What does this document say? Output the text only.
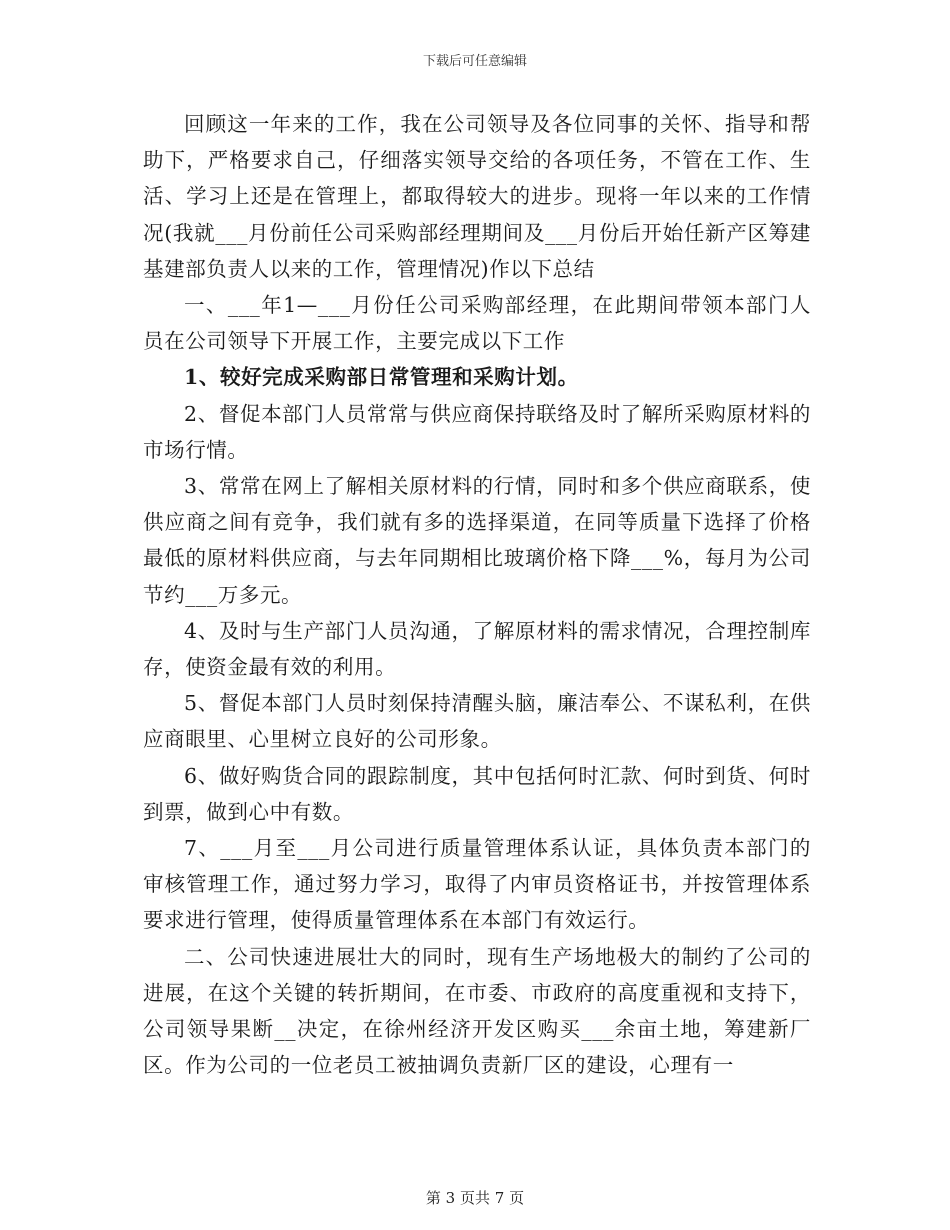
下载后可任意编辑

回顾这一年来的工作，我在公司领导及各位同事的关怀、指导和帮助下，严格要求自己，仔细落实领导交给的各项任务，不管在工作、生活、学习上还是在管理上，都取得较大的进步。现将一年以来的工作情况(我就___月份前任公司采购部经理期间及___月份后开始任新产区筹建基建部负责人以来的工作，管理情况)作以下总结

一、___年1—___月份任公司采购部经理，在此期间带领本部门人员在公司领导下开展工作，主要完成以下工作

1、较好完成采购部日常管理和采购计划。

2、督促本部门人员常常与供应商保持联络及时了解所采购原材料的市场行情。

3、常常在网上了解相关原材料的行情，同时和多个供应商联系，使供应商之间有竞争，我们就有多的选择渠道，在同等质量下选择了价格最低的原材料供应商，与去年同期相比玻璃价格下降___%，每月为公司节约___万多元。

4、及时与生产部门人员沟通，了解原材料的需求情况，合理控制库存，使资金最有效的利用。

5、督促本部门人员时刻保持清醒头脑，廉洁奉公、不谋私利，在供应商眼里、心里树立良好的公司形象。

6、做好购货合同的跟踪制度，其中包括何时汇款、何时到货、何时到票，做到心中有数。

7、___月至___月公司进行质量管理体系认证，具体负责本部门的审核管理工作，通过努力学习，取得了内审员资格证书，并按管理体系要求进行管理，使得质量管理体系在本部门有效运行。

二、公司快速进展壮大的同时，现有生产场地极大的制约了公司的进展，在这个关键的转折期间，在市委、市政府的高度重视和支持下，公司领导果断__决定，在徐州经济开发区购买___余亩土地，筹建新厂区。作为公司的一位老员工被抽调负责新厂区的建设，心理有一

第 3 页共 7 页
